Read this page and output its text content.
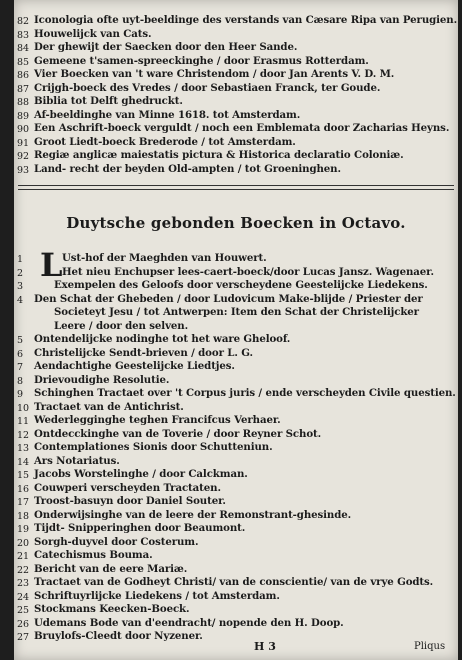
82 Iconologia ofte uyt-beeldinge des verstands van Cæsare Ripa van Perugien.
83 Houwelijck van Cats.
84 Der ghewijt der Saecken door den Heer Sande.
85 Gemeene t'samen-spreeckinghe / door Erasmus Rotterdam.
86 Vier Boecken van 't ware Christendom / door Jan Arents V. D. M.
87 Crijgh-boeck des Vredes / door Sebastiaen Franck, ter Goude.
88 Biblia tot Delft ghedruckt.
89 Af-beeldinghe van Minne 1618. tot Amsterdam.
90 Een Aschrift-boeck verguldt / noch een Emblemata door Zacharias Heyns.
91 Groot Liedt-boeck Brederode / tot Amsterdam.
92 Regiæ anglicæ maiestatis pictura & Historica declaratio Coloniæ.
93 Land- recht der beyden Old-ampten / tot Groeninghen.
Duytsche gebonden Boecken in Octavo.
L
1	Ust-hof der Maeghden van Houwert.
2	Het nieu Enchupser lees-caert-boeck/door Lucas Jansz. Wagenaer.
3	Exempelen des Geloofs door verscheydene Geestelijcke Liedekens.
4 Den Schat der Ghebeden / door Ludovicum Make-blijde / Priester der
Societeyt Jesu / tot Antwerpen: Item den Schat der Christelijcker
Leere / door den selven.
5 Ontendelijcke nodinghe tot het ware Gheloof.
6 Christelijcke Sendt-brieven / door L. G.
7 Aendachtighe Geestelijcke Liedtjes.
8 Drievoudighe Resolutie.
9 Schinghen Tractaet over 't Corpus juris / ende verscheyden Civile questien.
10 Tractaet van de Antichrist.
11 Wederlegginghe teghen Francifcus Verhaer.
12 Ontdecckinghe van de Toverie / door Reyner Schot.
13 Contemplationes Sionis door Schutteniun.
14 Ars Notariatus.
15 Jacobs Worstelinghe / door Calckman.
16 Couwperi verscheyden Tractaten.
17 Troost-basuyn door Daniel Souter.
18 Onderwijsinghe van de leere der Remonstrant-ghesinde.
19 Tijdt- Snipperinghen door Beaumont.
20 Sorgh-duyvel door Costerum.
21 Catechismus Bouma.
22 Bericht van de eere Mariæ.
23 Tractaet van de Godheyt Christi/ van de conscientie/ van de vrye Godts.
24 Schriftuyrlijcke Liedekens / tot Amsterdam.
25 Stockmans Keecken-Boeck.
26 Udemans Bode van d'eendracht/ nopende den H. Doop.
27 Bruylofs-Cleedt door Nyzener.
H 3	Pliqus
